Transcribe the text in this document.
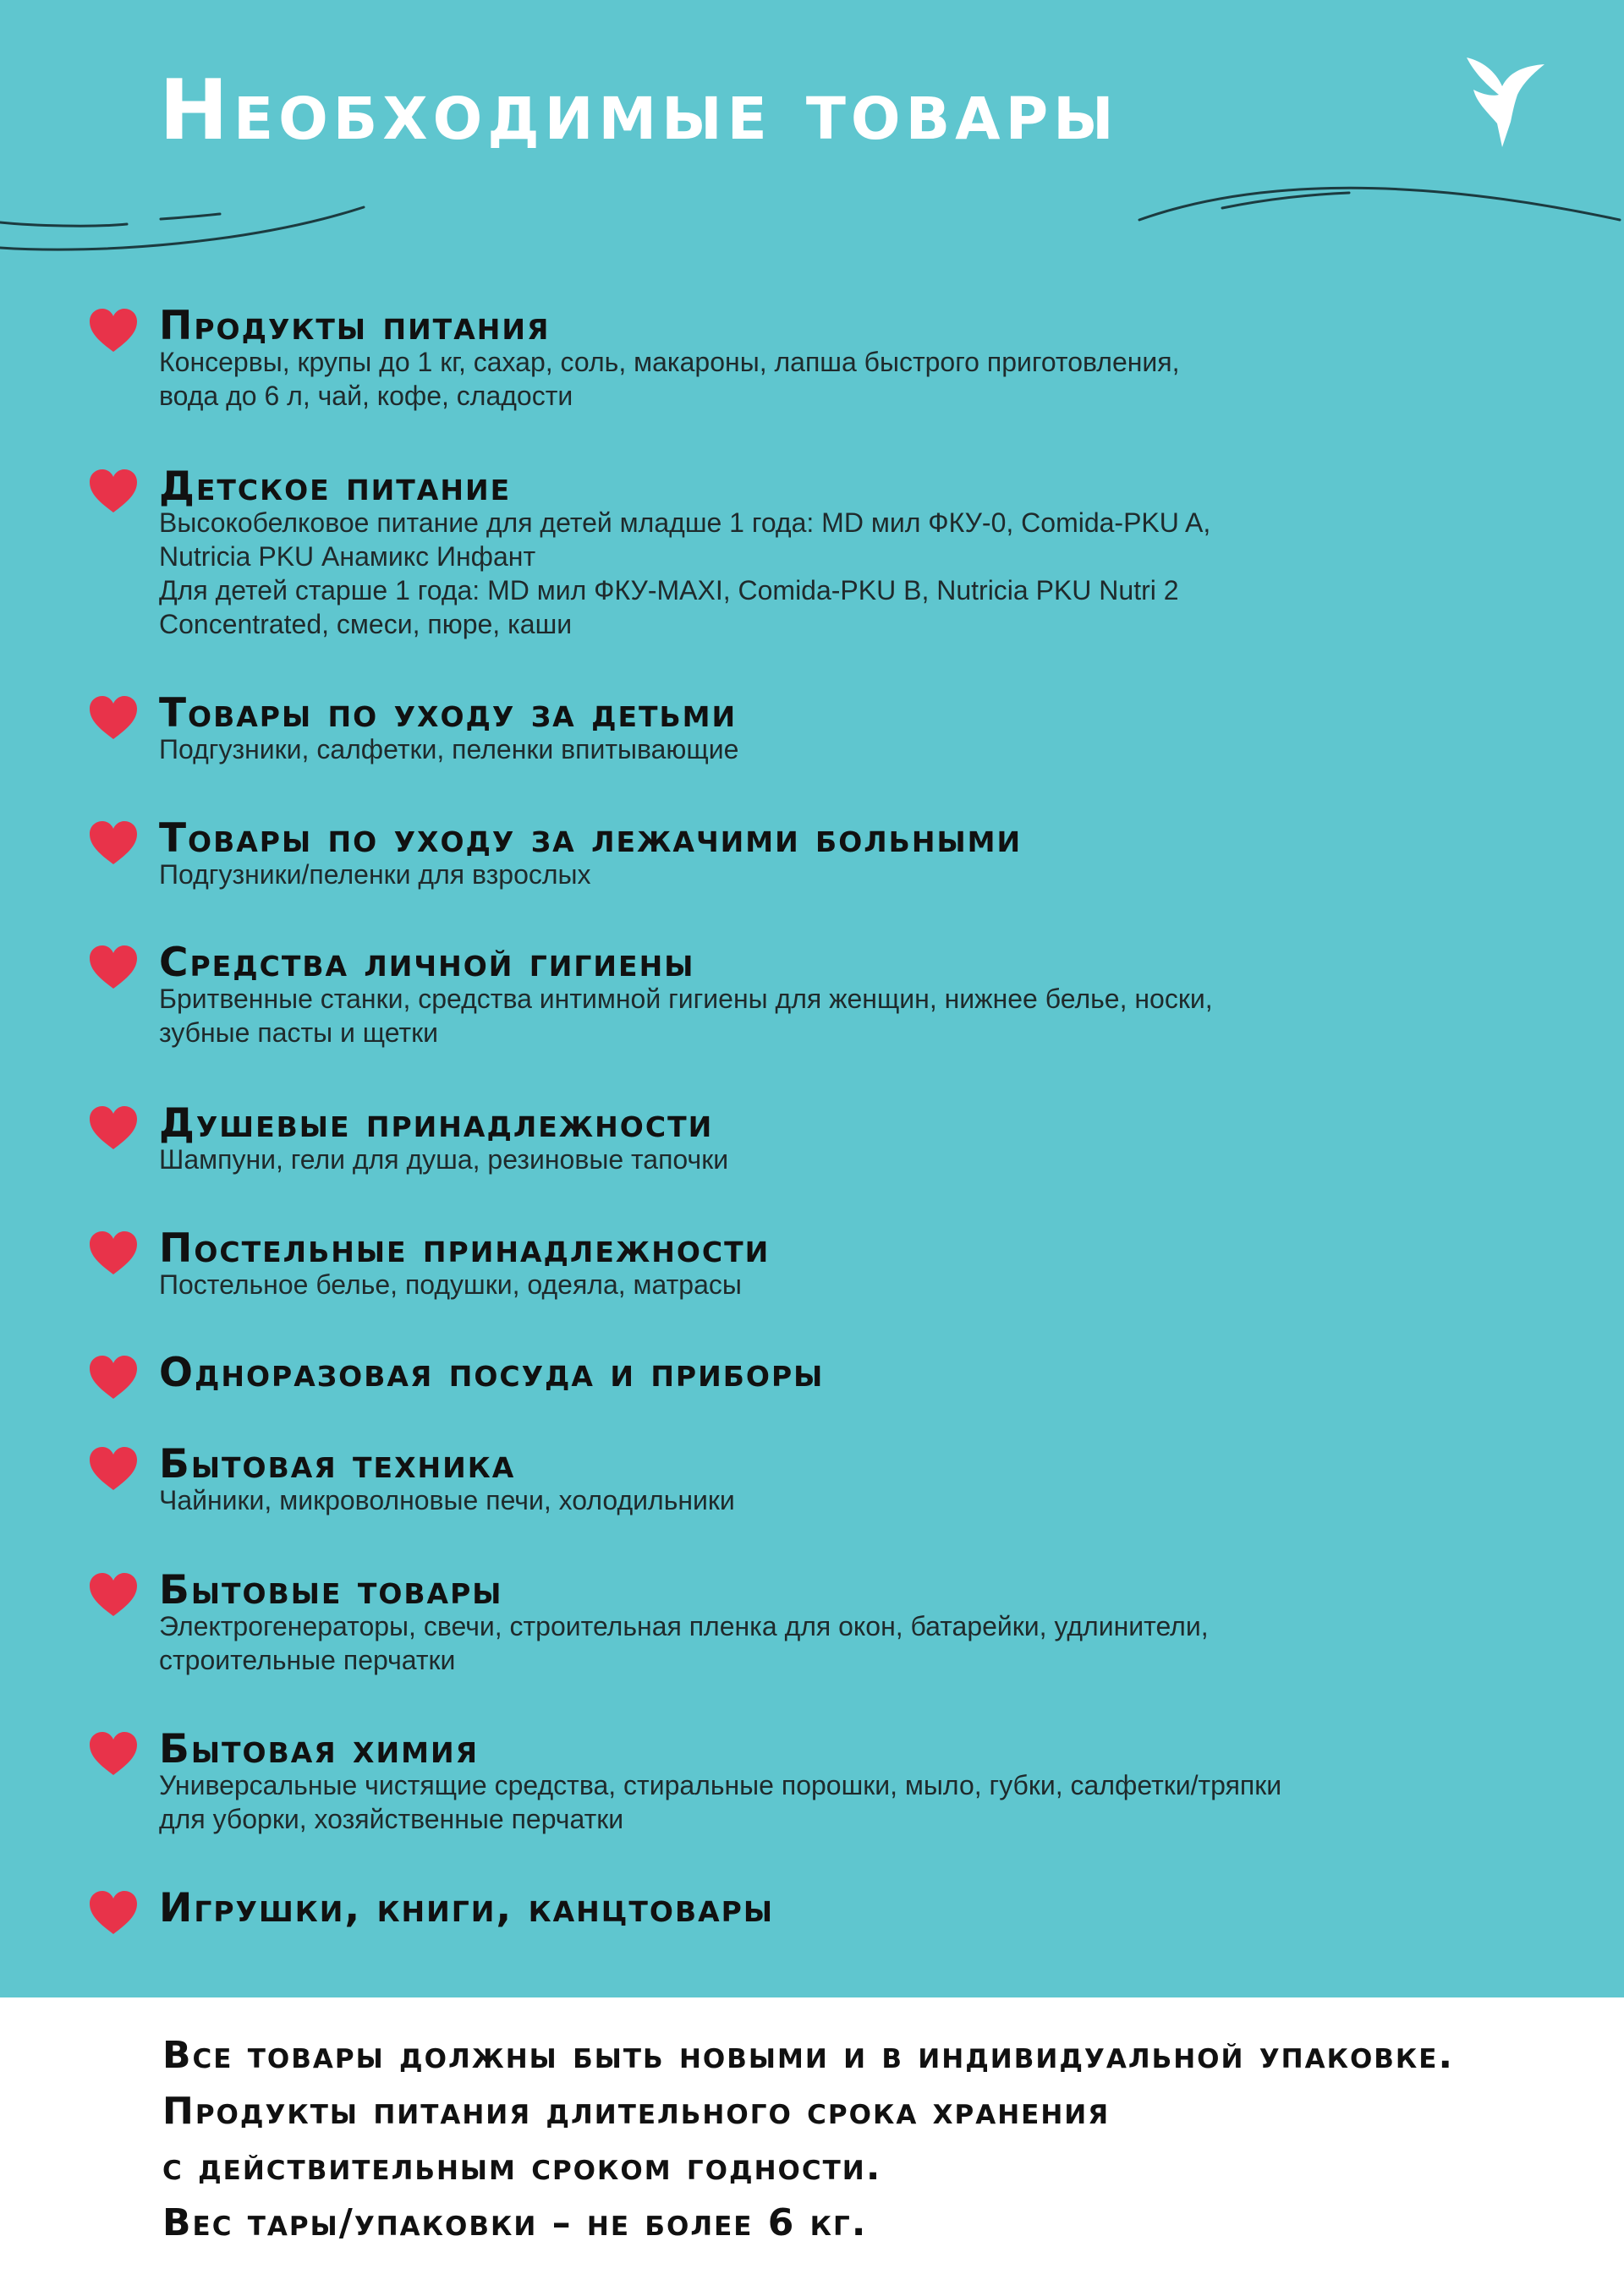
Необходимые товары
Продукты питания
Консервы, крупы до 1 кг, сахар, соль, макароны, лапша быстрого приготовления,
вода до 6 л, чай, кофе, сладости
Детское питание
Высокобелковое питание для детей младше 1 года: MD мил ФКУ-0, Comida-PKU A,
Nutricia PKU Анамикс Инфант
Для детей старше 1 года: MD мил ФКУ-MAXI, Comida-PKU B, Nutricia PKU Nutri 2
Concentrated, смеси, пюре, каши
Товары по уходу за детьми
Подгузники, салфетки, пеленки впитывающие
Товары по уходу за лежачими больными
Подгузники/пеленки для взрослых
Средства личной гигиены
Бритвенные станки, средства интимной гигиены для женщин, нижнее белье, носки,
зубные пасты и щетки
Душевые принадлежности
Шампуни, гели для душа, резиновые тапочки
Постельные принадлежности
Постельное белье, подушки, одеяла, матрасы
Одноразовая посуда и приборы
Бытовая техника
Чайники, микроволновые печи, холодильники
Бытовые товары
Электрогенераторы, свечи, строительная пленка для окон, батарейки, удлинители,
строительные перчатки
Бытовая химия
Универсальные чистящие средства, стиральные порошки, мыло, губки, салфетки/тряпки
для уборки, хозяйственные перчатки
Игрушки, книги, канцтовары
Все товары должны быть новыми и в индивидуальной упаковке.
Продукты питания длительного срока хранения
с действительным сроком годности.
Вес тары/упаковки – не более 6 кг.
